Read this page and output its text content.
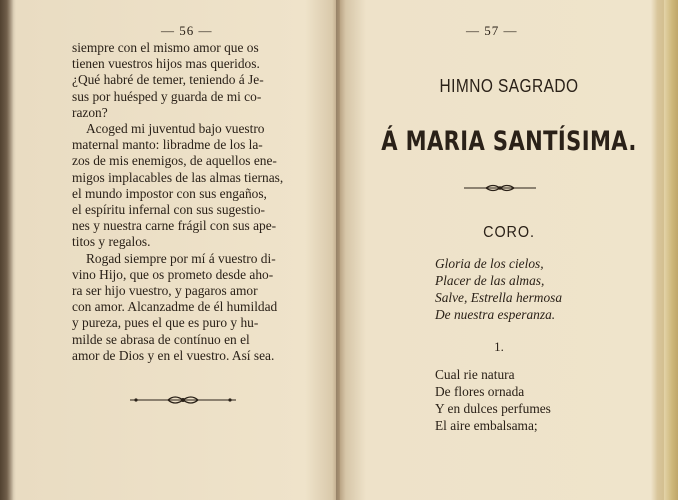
— 56 —

siempre con el mismo amor que os
tienen vuestros hijos mas queridos.
¿Qué habré de temer, teniendo á Je-
sus por huésped y guarda de mi co-
razon?

Acoged mi juventud bajo vuestro
maternal manto: libradme de los la-
zos de mis enemigos, de aquellos ene-
migos implacables de las almas tiernas,
el mundo impostor con sus engaños,
el espíritu infernal con sus sugestio-
nes y nuestra carne frágil con sus ape-
titos y regalos.

Rogad siempre por mí á vuestro di-
vino Hijo, que os prometo desde aho-
ra ser hijo vuestro, y pagaros amor
con amor. Alcanzadme de él humildad
y pureza, pues el que es puro y hu-
milde se abrasa de contínuo en el
amor de Dios y en el vuestro. Así sea.

— 57 —
HIMNO SAGRADO
Á MARIA SANTÍSIMA.
CORO.
Gloria de los cielos,
Placer de las almas,
Salve, Estrella hermosa
De nuestra esperanza.
1.
Cual rie natura
De flores ornada
Y en dulces perfumes
El aire embalsama;
